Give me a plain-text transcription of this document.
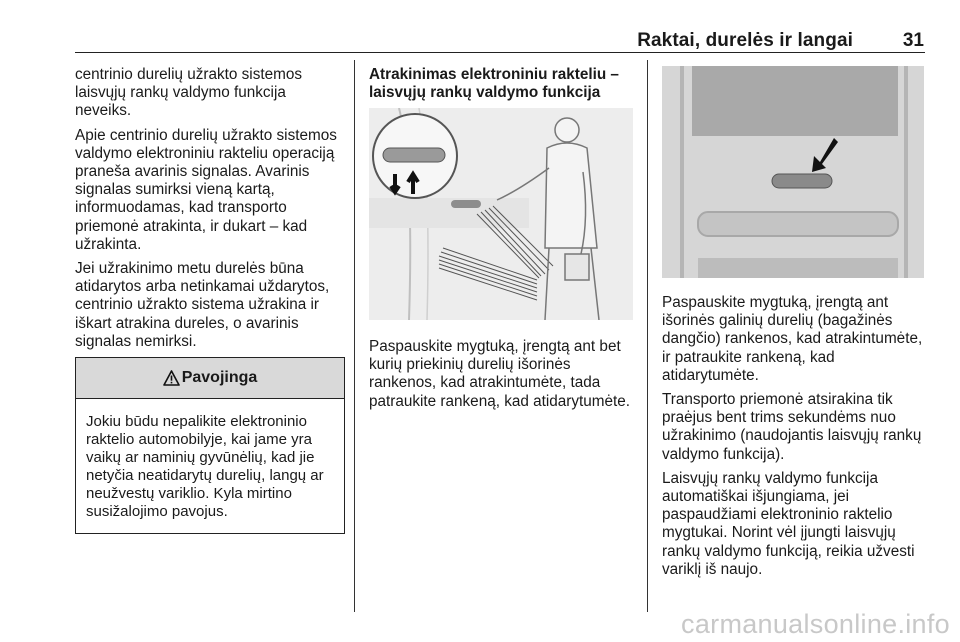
Raktai, durelės ir langai	31

centrinio durelių užrakto sistemos laisvųjų rankų valdymo funkcija neveiks.

Apie centrinio durelių užrakto sistemos valdymo elektroniniu rakteliu operaciją praneša avarinis signalas. Avarinis signalas sumirksi vieną kartą, informuodamas, kad transporto priemonė atrakinta, ir dukart – kad užrakinta.

Jei užrakinimo metu durelės būna atidarytos arba netinkamai uždarytos, centrinio užrakto sistema užrakina ir iškart atrakina dureles, o avarinis signalas nemirksi.

Pavojinga
Jokiu būdu nepalikite elektroninio raktelio automobilyje, kai jame yra vaikų ar naminių gyvūnėlių, kad jie netyčia neatidarytų durelių, langų ar neužvestų variklio. Kyla mirtino susižalojimo pavojus.

Atrakinimas elektroniniu rakteliu – laisvųjų rankų valdymo funkcija

Paspauskite mygtuką, įrengtą ant bet kurių priekinių durelių išorinės rankenos, kad atrakintumėte, tada patraukite rankeną, kad atidarytumėte.

Paspauskite mygtuką, įrengtą ant išorinės galinių durelių (bagažinės dangčio) rankenos, kad atrakintumėte, ir patraukite rankeną, kad atidarytumėte.

Transporto priemonė atsirakina tik praėjus bent trims sekundėms nuo užrakinimo (naudojantis laisvųjų rankų valdymo funkcija).

Laisvųjų rankų valdymo funkcija automatiškai išjungiama, jei paspaudžiami elektroninio raktelio mygtukai. Norint vėl įjungti laisvųjų rankų valdymo funkciją, reikia užvesti variklį iš naujo.

carmanualsonline.info
